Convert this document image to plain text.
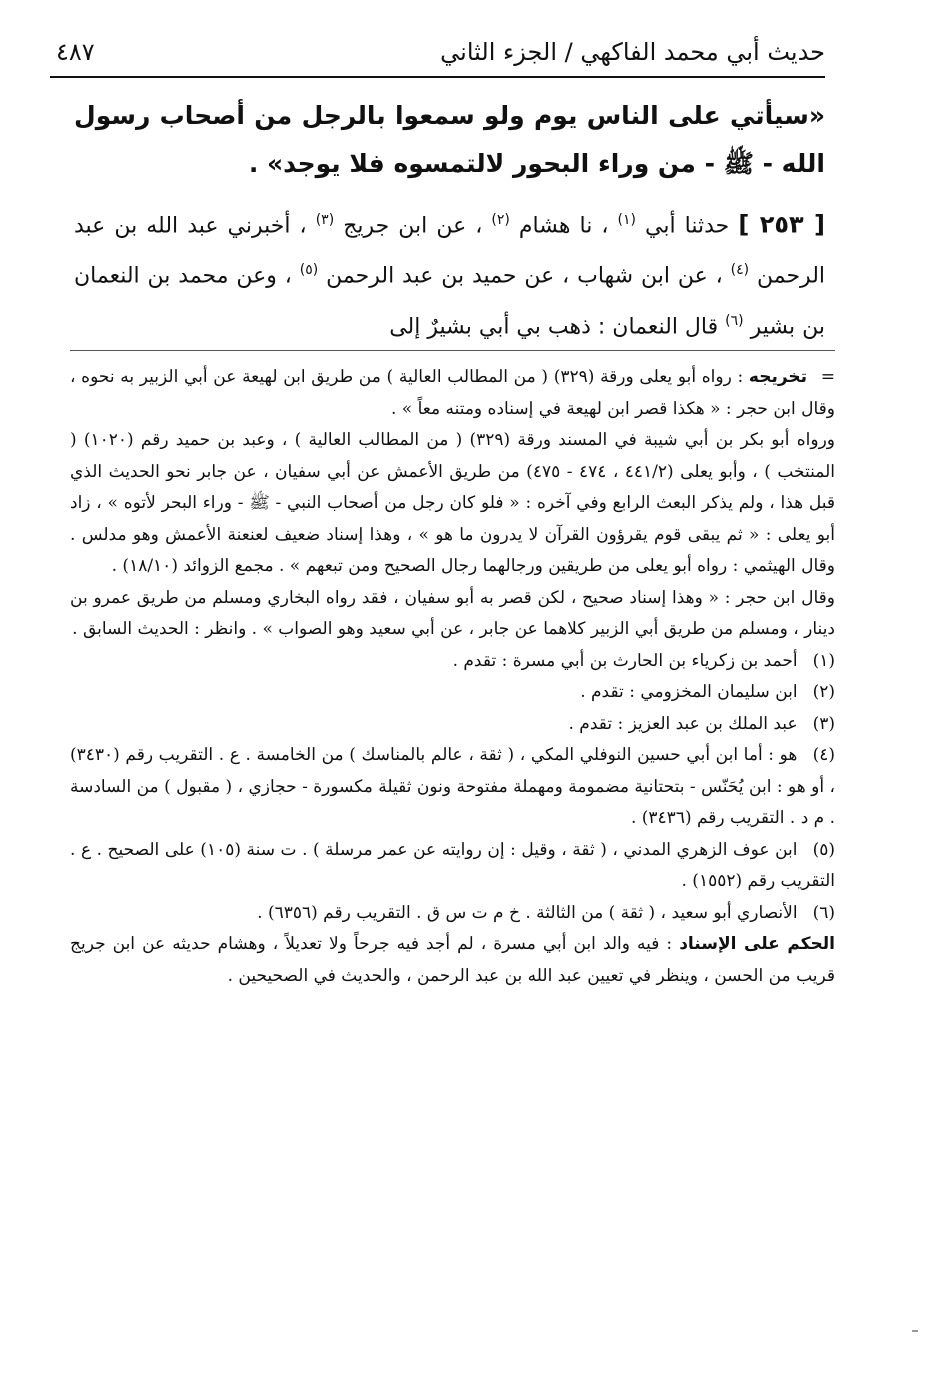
حديث أبي محمد الفاكهي / الجزء الثاني
٤٨٧

«سيأتي على الناس يوم ولو سمعوا بالرجل من أصحاب رسول الله - ﷺ - من وراء البحور لالتمسوه فلا يوجد» .

[ ٢٥٣ ] حدثنا أبي $^{(١)}$ ، نا هشام $^{(٢)}$ ، عن ابن جريج $^{(٣)}$ ، أخبرني عبد الله بن عبد الرحمن $^{(٤)}$ ، عن ابن شهاب ، عن حميد بن عبد الرحمن $^{(٥)}$ ، وعن محمد بن النعمان بن بشير $^{(٦)}$ قال النعمان : ذهب بي أبي بشيرٌ إلى

= تخريجه : رواه أبو يعلى ورقة (٣٢٩) ( من المطالب العالية ) من طريق ابن لهيعة عن أبي الزبير به نحوه ، وقال ابن حجر : « هكذا قصر ابن لهيعة في إسناده ومتنه معاً » .

ورواه أبو بكر بن أبي شيبة في المسند ورقة (٣٢٩) ( من المطالب العالية ) ، وعبد بن حميد رقم (١٠٢٠) ( المنتخب ) ، وأبو يعلى (٤٤١/٢ ، ٤٧٤ - ٤٧٥) من طريق الأعمش عن أبي سفيان ، عن جابر نحو الحديث الذي قبل هذا ، ولم يذكر البعث الرابع وفي آخره : « فلو كان رجل من أصحاب النبي - ﷺ - وراء البحر لأتوه » ، زاد أبو يعلى : « ثم يبقى قوم يقرؤون القرآن لا يدرون ما هو » ، وهذا إسناد ضعيف لعنعنة الأعمش وهو مدلس . وقال الهيثمي : رواه أبو يعلى من طريقين ورجالهما رجال الصحيح ومن تبعهم » . مجمع الزوائد (١٨/١٠) .

وقال ابن حجر : « وهذا إسناد صحيح ، لكن قصر به أبو سفيان ، فقد رواه البخاري ومسلم من طريق عمرو بن دينار ، ومسلم من طريق أبي الزبير كلاهما عن جابر ، عن أبي سعيد وهو الصواب » . وانظر : الحديث السابق .

(١) أحمد بن زكرياء بن الحارث بن أبي مسرة : تقدم .

(٢) ابن سليمان المخزومي : تقدم .

(٣) عبد الملك بن عبد العزيز : تقدم .

(٤) هو : أما ابن أبي حسين النوفلي المكي ، ( ثقة ، عالم بالمناسك ) من الخامسة . ع . التقريب رقم (٣٤٣٠) ، أو هو : ابن يُحَنّس - بتحتانية مضمومة ومهملة مفتوحة ونون ثقيلة مكسورة - حجازي ، ( مقبول ) من السادسة . م د . التقريب رقم (٣٤٣٦) .

(٥) ابن عوف الزهري المدني ، ( ثقة ، وقيل : إن روايته عن عمر مرسلة ) . ت سنة (١٠٥) على الصحيح . ع . التقريب رقم (١٥٥٢) .

(٦) الأنصاري أبو سعيد ، ( ثقة ) من الثالثة . خ م ت س ق . التقريب رقم (٦٣٥٦) .

الحكم على الإسناد : فيه والد ابن أبي مسرة ، لم أجد فيه جرحاً ولا تعديلاً ، وهشام حديثه عن ابن جريج قريب من الحسن ، وينظر في تعيين عبد الله بن عبد الرحمن ، والحديث في الصحيحين .
